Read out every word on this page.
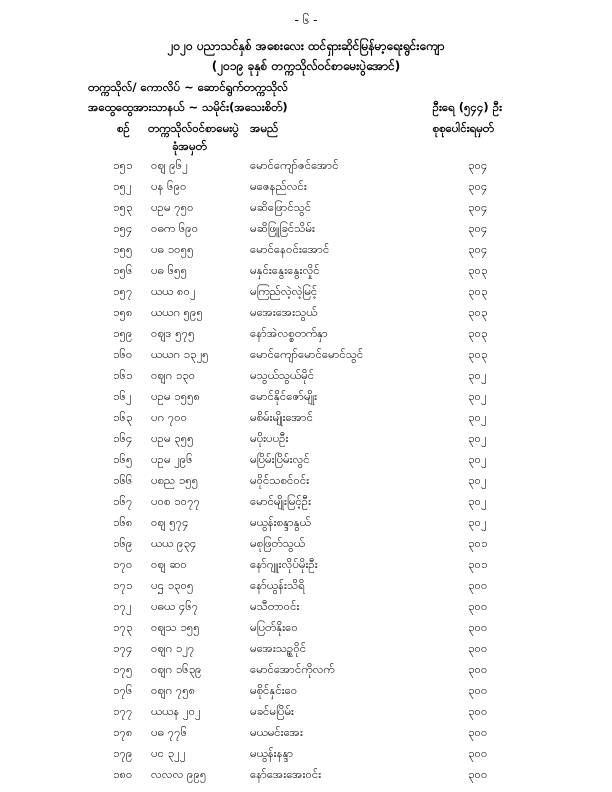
- ၆ -
၂၀၂၀ ပညာသင်နှစ် အစေးလေး ထင်ရှား‌ဆိုင်မြန်မာ့ရေးရွင်းကျော
(၂၀၁၉ ခုနှစ် တက္ကသိုလ်ဝင်စာမေးပွဲအောင်)
တက္ကသိုလ်/ ကောလိပ် ~ ဆောင်ရွက်တက္ကသိုလ်
အထွေထွေအားသာနယ် ~ သမိုင်း(အသေးစိတ်)	ဦးရေ (၅၄၄) ဦး
စဉ် တက္ကသိုလ်ဝင်စာမေးပွဲ
ခုံအမှတ်
အမည်	စုစုပေါင်းရမှတ်
၁၅၁ ဝဈ ၉၆၂	မောင်ကျော်ဇင်အောင်	၃၀၄
၁၅၂ ပန ၆၉၀	မဇေနည်လင်း	၃၀၄
၁၅၃ ပဥမ ၇၅၀	မဆိဖြောင်သွင်	၃၀၄
၁၅၄ ဝဓက ၆၉၀	မဆိဖြူခြင်သိမ်း	၃၀၄
၁၅၅ ပဓ ၁၀၅၅	မောင်နေဝင်းအောင်	၃၀၄
၁၅၆ ပဓ ၆၅၅	မနှင်းနွေးနွေးလှိုင်	၃၀၃
၁၅၇ ယယ ၈၀၂	မကြည်လဲ့လဲ့မြင့်	၃၀၃
၁၅၈ ယယဂ ၅၉၅	မအေးအေးသွယ်	၃၀၃
၁၅၉ ဝဈဒ ၅၇၅	နော်အဲလစ္စတက်နှာ	၃၀၃
၁၆၀ ယယဂ ၁၃၂၅	မောင်ကျော်မောင်မောင်သွင်	၃၀၃
၁၆၁ ဝဈဂ ၁၃၀	မသွယ်သွယ်မိုင်	၃၀၂
၁၆၂ ပဥမ ၁၅၅၈	မောင်နိုင်ဇော်မျိုး	၃၀၂
၁၆၃ ပဂ ၇၀၀	မစိမ်းမျိုးအောင်	၃၀၂
၁၆၄ ပဥမ ၃၅၅	မပိုးပပဦး	၃၀၂
၁၆၅ ပဥမ ၂၉၆	မပြိမ်းပြိမ်းလွင်	၃၀၂
၁၆၆ ပစည ၁၅၅	မဝိုင်သစင်ဝင်း	၃၀၂
၁၆၇ ပဝစ ၁၀၇၇	မောင်မျိုးမြင့်ဦး	၃၀၂
၁၆၈ ဝဈ ၅၇၄	မယွန်းစန္ဒာနွယ်	၃၀၂
၁၆၉ ယယ ၉၃၄	မစုဖြတ်သွယ်	၃၀၁
၁၇၀ ဝဈ ဆ၀	နော်ဂျူးလိုပ်မိုးဦး	၃၀၁
၁၇၁ ပဌ ၁၃၀၅	နော်ယွန်းသိရိ	၃၀၀
၁၇၂ ပဓယ ၄၆၇	မသီတာဝင်း	၃၀၀
၁၇၃ ဝဈသ ၁၅၅	မပြတ်နိုးဝေ	၃၀၀
၁၇၄ ဝဈဂ ၁၂၇	မအေးသဥ္စဝိုင်	၃၀၀
၁၇၅ ဝဈဂ ၁၆၃၉	မောင်အောင်ကိုလက်	၃၀၀
၁၇၆ ဝဈဂ ၇၅၈	မစိုင်နှင်းဝေ	၃၀၀
၁၇၇ ယယန ၂၀၂	မခင်မပြိမ်း	၃၀၀
၁၇၈ ပဓ ၇၇၆	မယမင်းအေး	၃၀၀
၁၇၉ ပင ၃၂၂	မယွန်းနန္ဒာ	၃၀၀
၁၈၀ လလလ ၉၉၅	နော်အေးအေးဝင်း	၃၀၀
